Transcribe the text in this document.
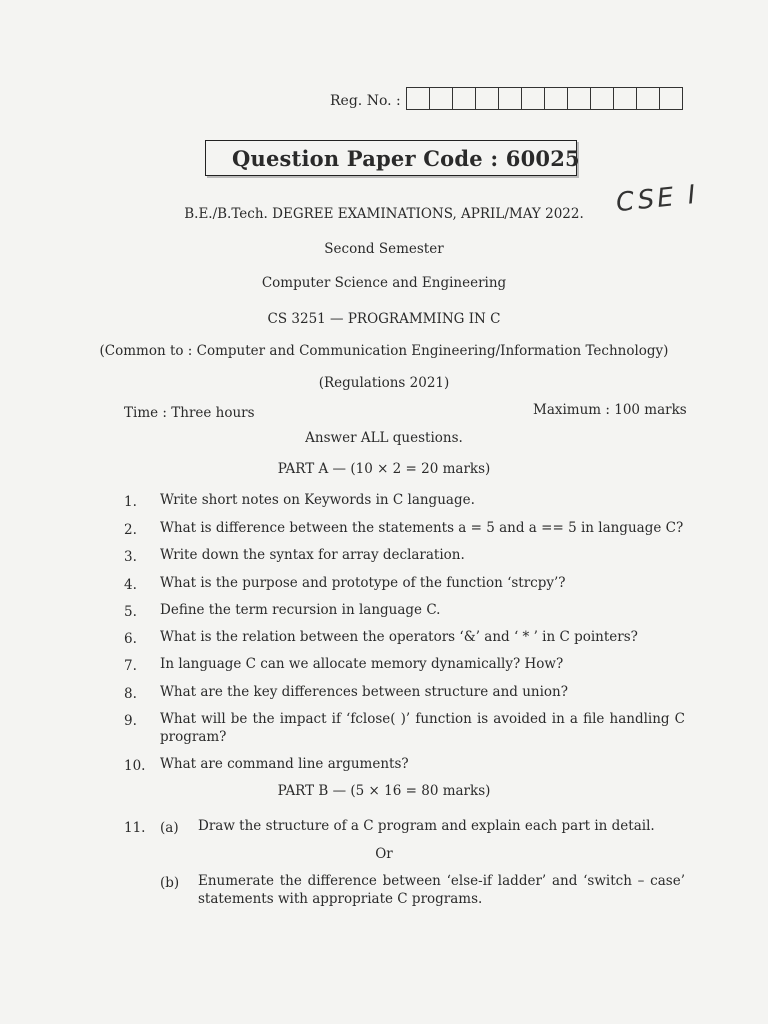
Reg. No. :
Question Paper Code : 60025
CSE I
B.E./B.Tech. DEGREE EXAMINATIONS, APRIL/MAY 2022.
Second Semester
Computer Science and Engineering
CS 3251 — PROGRAMMING IN C
(Common to : Computer and Communication Engineering/Information Technology)
(Regulations 2021)
Time : Three hours	Maximum : 100 marks
Answer ALL questions.
PART A — (10 × 2 = 20 marks)
1. Write short notes on Keywords in C language.
2. What is difference between the statements a = 5 and a == 5 in language C?
3. Write down the syntax for array declaration.
4. What is the purpose and prototype of the function ‘strcpy’?
5. Define the term recursion in language C.
6. What is the relation between the operators ‘&’ and ‘ * ’ in C pointers?
7. In language C can we allocate memory dynamically? How?
8. What are the key differences between structure and union?
9. What will be the impact if ‘fclose( )’ function is avoided in a file handling C program?
10. What are command line arguments?
PART B — (5 × 16 = 80 marks)
11. (a) Draw the structure of a C program and explain each part in detail.
Or
(b) Enumerate the difference between ‘else-if ladder’ and ‘switch – case’ statements with appropriate C programs.
